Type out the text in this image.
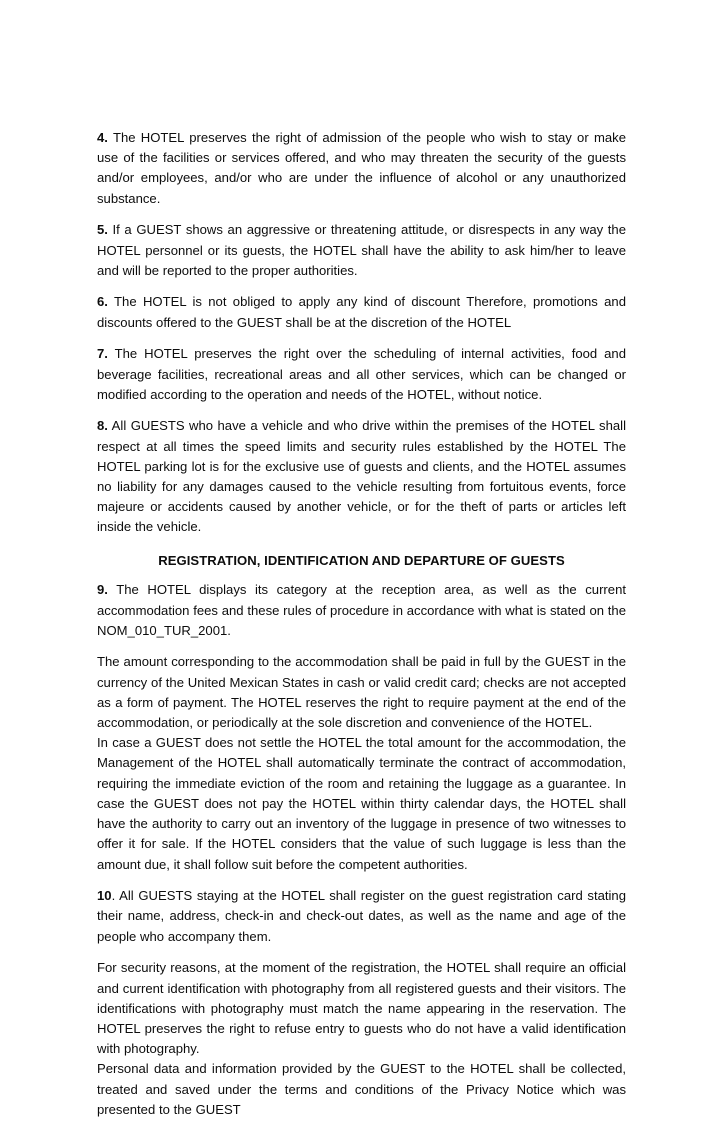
4. The HOTEL preserves the right of admission of the people who wish to stay or make use of the facilities or services offered, and who may threaten the security of the guests and/or employees, and/or who are under the influence of alcohol or any unauthorized substance.

5. If a GUEST shows an aggressive or threatening attitude, or disrespects in any way the HOTEL personnel or its guests, the HOTEL shall have the ability to ask him/her to leave and will be reported to the proper authorities.

6. The HOTEL is not obliged to apply any kind of discount Therefore, promotions and discounts offered to the GUEST shall be at the discretion of the HOTEL

7. The HOTEL preserves the right over the scheduling of internal activities, food and beverage facilities, recreational areas and all other services, which can be changed or modified according to the operation and needs of the HOTEL, without notice.

8. All GUESTS who have a vehicle and who drive within the premises of the HOTEL shall respect at all times the speed limits and security rules established by the HOTEL The HOTEL parking lot is for the exclusive use of guests and clients, and the HOTEL assumes no liability for any damages caused to the vehicle resulting from fortuitous events, force majeure or accidents caused by another vehicle, or for the theft of parts or articles left inside the vehicle.

REGISTRATION, IDENTIFICATION AND DEPARTURE OF GUESTS

9. The HOTEL displays its category at the reception area, as well as the current accommodation fees and these rules of procedure in accordance with what is stated on the NOM_010_TUR_2001.

The amount corresponding to the accommodation shall be paid in full by the GUEST in the currency of the United Mexican States in cash or valid credit card; checks are not accepted as a form of payment. The HOTEL reserves the right to require payment at the end of the accommodation, or periodically at the sole discretion and convenience of the HOTEL.

In case a GUEST does not settle the HOTEL the total amount for the accommodation, the Management of the HOTEL shall automatically terminate the contract of accommodation, requiring the immediate eviction of the room and retaining the luggage as a guarantee. In case the GUEST does not pay the HOTEL within thirty calendar days, the HOTEL shall have the authority to carry out an inventory of the luggage in presence of two witnesses to offer it for sale. If the HOTEL considers that the value of such luggage is less than the amount due, it shall follow suit before the competent authorities.

10. All GUESTS staying at the HOTEL shall register on the guest registration card stating their name, address, check-in and check-out dates, as well as the name and age of the people who accompany them.

For security reasons, at the moment of the registration, the HOTEL shall require an official and current identification with photography from all registered guests and their visitors. The identifications with photography must match the name appearing in the reservation. The HOTEL preserves the right to refuse entry to guests who do not have a valid identification with photography.

Personal data and information provided by the GUEST to the HOTEL shall be collected, treated and saved under the terms and conditions of the Privacy Notice which was presented to the GUEST
